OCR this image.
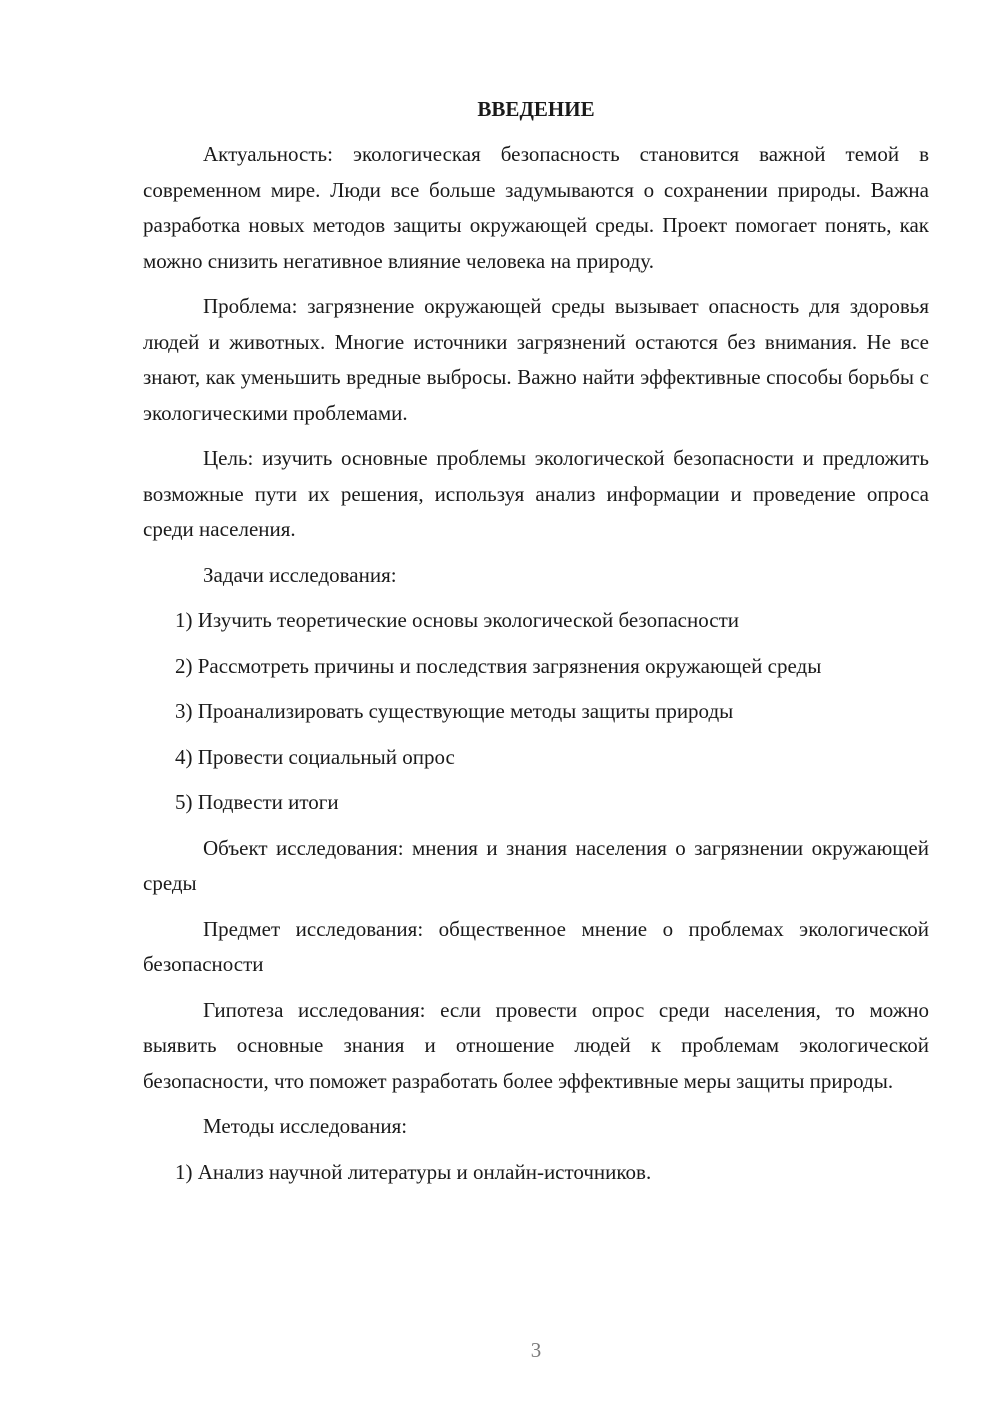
ВВЕДЕНИЕ

Актуальность: экологическая безопасность становится важной темой в современном мире. Люди все больше задумываются о сохранении природы. Важна разработка новых методов защиты окружающей среды. Проект помогает понять, как можно снизить негативное влияние человека на природу.

Проблема: загрязнение окружающей среды вызывает опасность для здоровья людей и животных. Многие источники загрязнений остаются без внимания. Не все знают, как уменьшить вредные выбросы. Важно найти эффективные способы борьбы с экологическими проблемами.

Цель: изучить основные проблемы экологической безопасности и предложить возможные пути их решения, используя анализ информации и проведение опроса среди населения.

Задачи исследования:

1) Изучить теоретические основы экологической безопасности

2) Рассмотреть причины и последствия загрязнения окружающей среды

3) Проанализировать существующие методы защиты природы

4) Провести социальный опрос

5) Подвести итоги

Объект исследования: мнения и знания населения о загрязнении окружающей среды

Предмет исследования: общественное мнение о проблемах экологической безопасности

Гипотеза исследования: если провести опрос среди населения, то можно выявить основные знания и отношение людей к проблемам экологической безопасности, что поможет разработать более эффективные меры защиты природы.

Методы исследования:

1) Анализ научной литературы и онлайн-источников.

3
